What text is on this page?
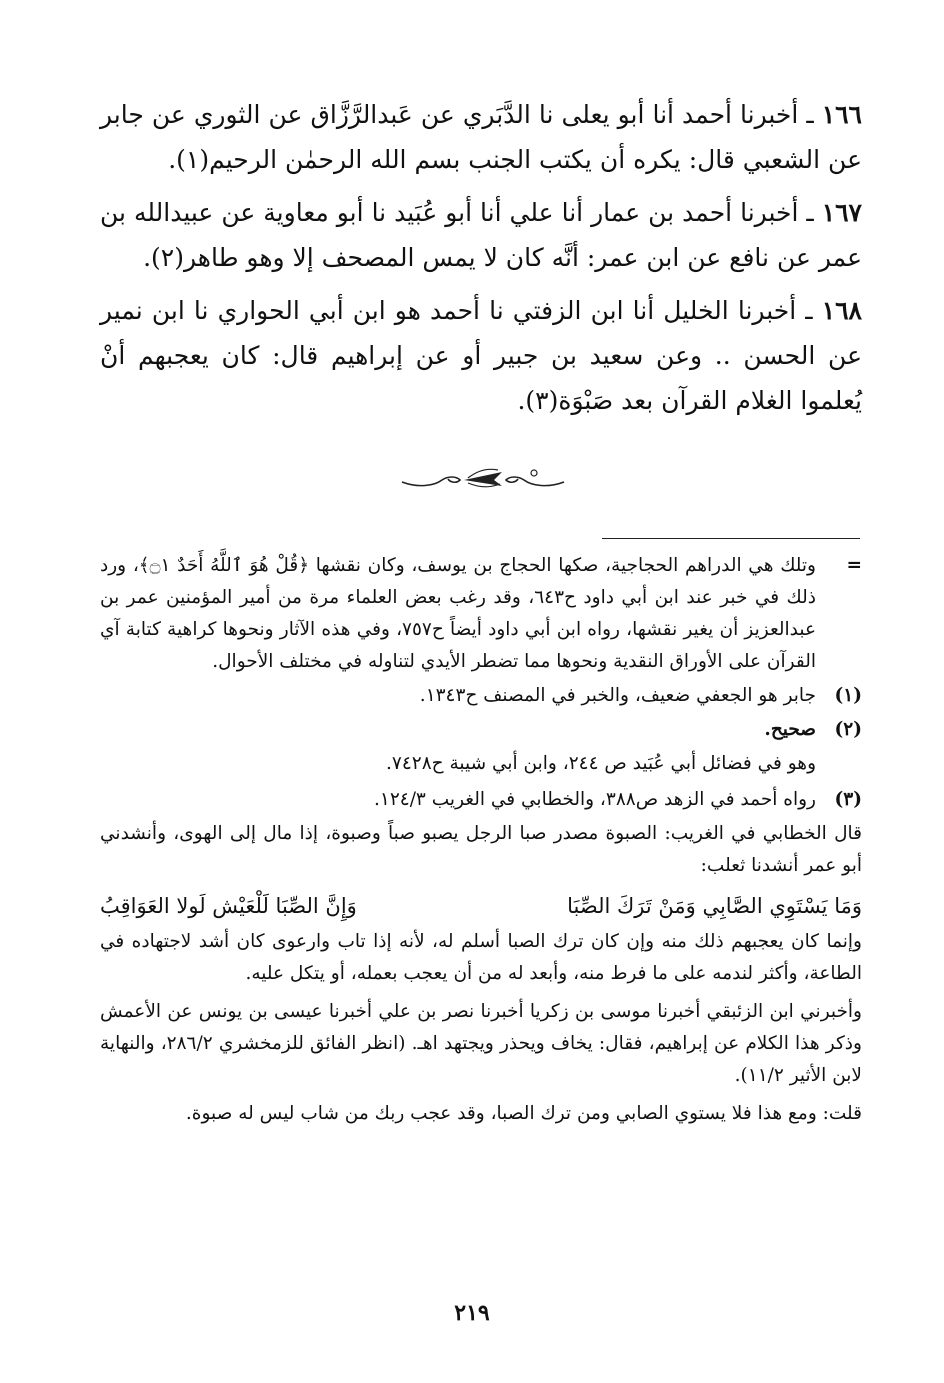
١٦٦ ـ أخبرنا أحمد أنا أبو يعلى نا الدَّبَري عن عَبدالرَّزَّاق عن الثوري عن جابر عن الشعبي قال: يكره أن يكتب الجنب بسم الله الرحمٰن الرحيم(١).

١٦٧ ـ أخبرنا أحمد بن عمار أنا علي أنا أبو عُبَيد نا أبو معاوية عن عبيدالله بن عمر عن نافع عن ابن عمر: أنَّه كان لا يمس المصحف إلا وهو طاهر(٢).

١٦٨ ـ أخبرنا الخليل أنا ابن الزفتي نا أحمد هو ابن أبي الحواري نا ابن نمير عن الحسن .. وعن سعيد بن جبير أو عن إبراهيم قال: كان يعجبهم أنْ يُعلموا الغلام القرآن بعد صَبْوَة(٣).

=
وتلك هي الدراهم الحجاجية، صكها الحجاج بن يوسف، وكان نقشها ﴿قُلْ هُوَ ٱللَّهُ أَحَدٌ ۝١﴾، ورد ذلك في خبر عند ابن أبي داود ح٦٤٣، وقد رغب بعض العلماء مرة من أمير المؤمنين عمر بن عبدالعزيز أن يغير نقشها، رواه ابن أبي داود أيضاً ح٧٥٧، وفي هذه الآثار ونحوها كراهية كتابة آي القرآن على الأوراق النقدية ونحوها مما تضطر الأيدي لتناوله في مختلف الأحوال.

(١)
جابر هو الجعفي ضعيف، والخبر في المصنف ح١٣٤٣.

(٢)
صحيح.

وهو في فضائل أبي عُبَيد ص ٢٤٤، وابن أبي شيبة ح٧٤٢٨.

(٣)
رواه أحمد في الزهد ص٣٨٨، والخطابي في الغريب ١٢٤/٣.

قال الخطابي في الغريب: الصبوة مصدر صبا الرجل يصبو صباً وصبوة، إذا مال إلى الهوى، وأنشدني أبو عمر أنشدنا ثعلب:

وَمَا يَسْتَوِي الصَّابِي وَمَنْ تَرَكَ الصِّبَا
وَإِنَّ الصِّبَا لَلْعَيْش لَولا العَوَاقِبُ

وإنما كان يعجبهم ذلك منه وإن كان ترك الصبا أسلم له، لأنه إذا تاب وارعوى كان أشد لاجتهاده في الطاعة، وأكثر لندمه على ما فرط منه، وأبعد له من أن يعجب بعمله، أو يتكل عليه.

وأخبرني ابن الزئبقي أخبرنا موسى بن زكريا أخبرنا نصر بن علي أخبرنا عيسى بن يونس عن الأعمش وذكر هذا الكلام عن إبراهيم، فقال: يخاف ويحذر ويجتهد اهـ. (انظر الفائق للزمخشري ٢٨٦/٢، والنهاية لابن الأثير ١١/٢).

قلت: ومع هذا فلا يستوي الصابي ومن ترك الصبا، وقد عجب ربك من شاب ليس له صبوة.

٢١٩
